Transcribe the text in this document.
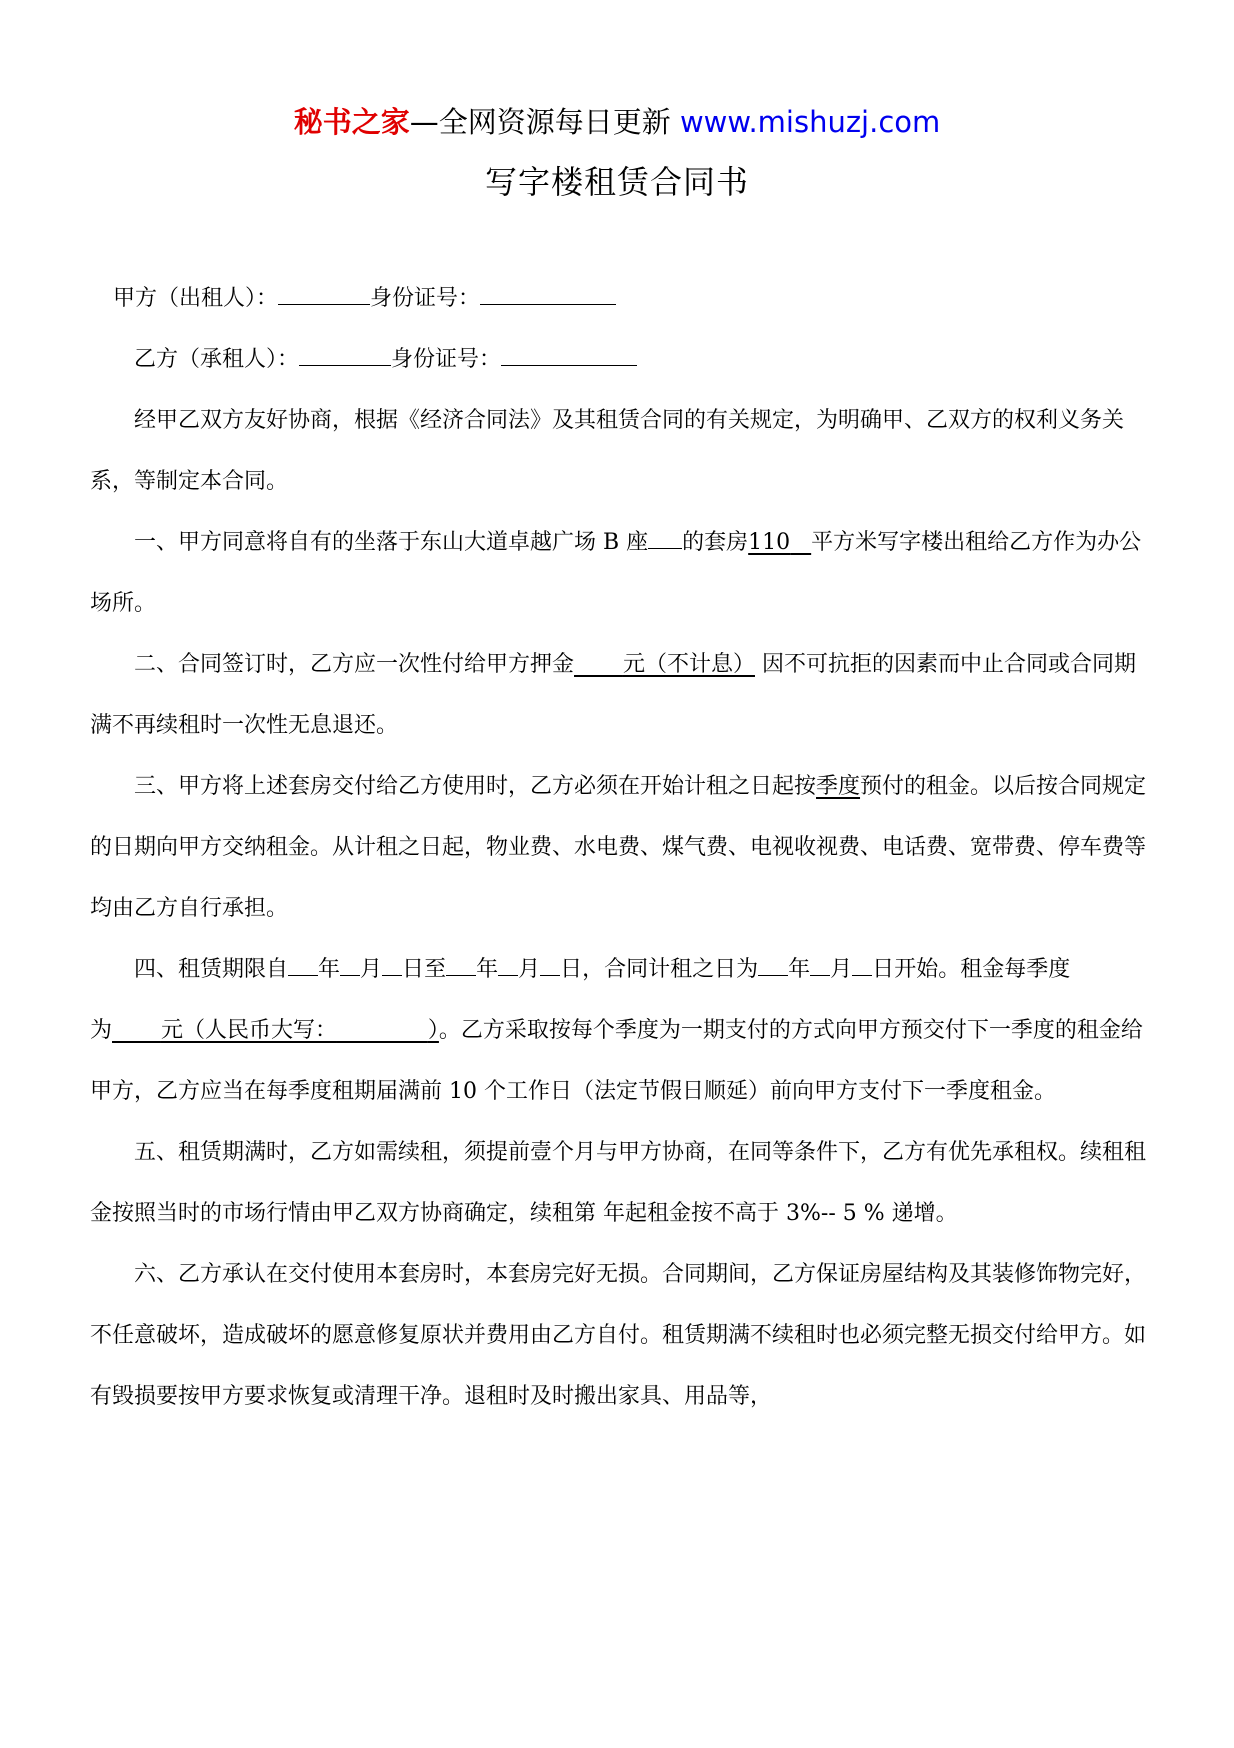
秘书之家—全网资源每日更新 www.mishuzj.com
写字楼租赁合同书

甲方（出租人）：	身份证号：

乙方（承租人）：	身份证号：

经甲乙双方友好协商，根据《经济合同法》及其租赁合同的有关规定，为明确甲、乙双方的权利义务关系，等制定本合同。

一、甲方同意将自有的坐落于东山大道卓越广场 B 座 的套房110 平方米写字楼出租给乙方作为办公场所。

二、合同签订时，乙方应一次性付给甲方押金 元（不计息） 因不可抗拒的因素而中止合同或合同期满不再续租时一次性无息退还。

三、甲方将上述套房交付给乙方使用时，乙方必须在开始计租之日起按季度预付的租金。以后按合同规定的日期向甲方交纳租金。从计租之日起，物业费、水电费、煤气费、电视收视费、电话费、宽带费、停车费等均由乙方自行承担。

四、租赁期限自 年 月 日至 年 月 日，合同计租之日为 年 月 日开始。租金每季度为 元（人民币大写：	）。乙方采取按每个季度为一期支付的方式向甲方预交付下一季度的租金给甲方，乙方应当在每季度租期届满前 10 个工作日（法定节假日顺延）前向甲方支付下一季度租金。

五、租赁期满时，乙方如需续租，须提前壹个月与甲方协商，在同等条件下，乙方有优先承租权。续租租金按照当时的市场行情由甲乙双方协商确定，续租第 年起租金按不高于 3%-- 5 % 递增。

六、乙方承认在交付使用本套房时，本套房完好无损。合同期间，乙方保证房屋结构及其装修饰物完好，不任意破坏，造成破坏的愿意修复原状并费用由乙方自付。租赁期满不续租时也必须完整无损交付给甲方。如有毁损要按甲方要求恢复或清理干净。退租时及时搬出家具、用品等，
